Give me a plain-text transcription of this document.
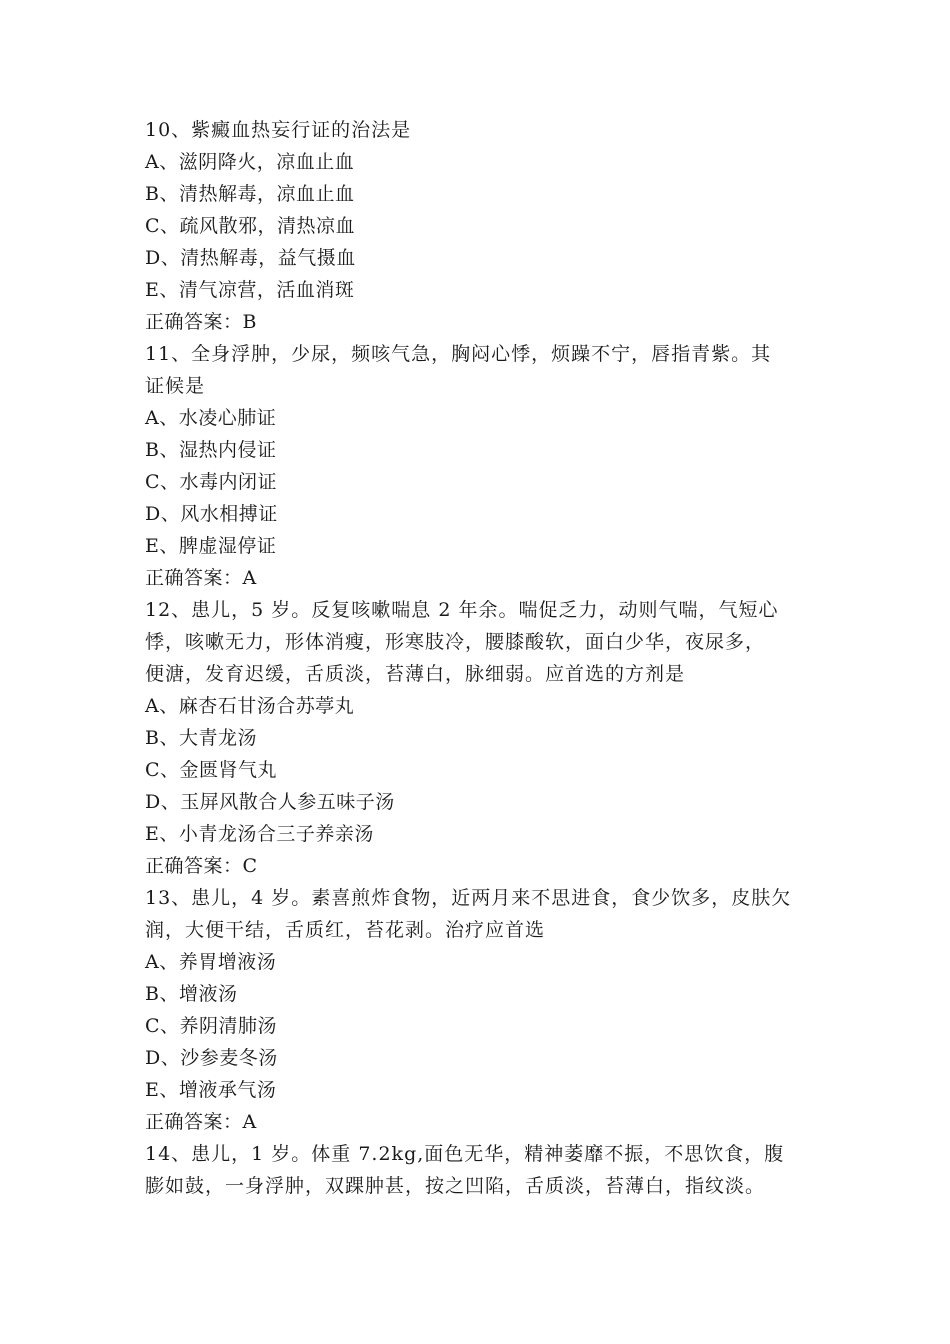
10、紫癜血热妄行证的治法是
A、滋阴降火，凉血止血
B、清热解毒，凉血止血
C、疏风散邪，清热凉血
D、清热解毒，益气摄血
E、清气凉营，活血消斑
正确答案：B
11、全身浮肿，少尿，频咳气急，胸闷心悸，烦躁不宁，唇指青紫。其
证候是
A、水凌心肺证
B、湿热内侵证
C、水毒内闭证
D、风水相搏证
E、脾虚湿停证
正确答案：A
12、患儿，5 岁。反复咳嗽喘息 2 年余。喘促乏力，动则气喘，气短心
悸，咳嗽无力，形体消瘦，形寒肢冷，腰膝酸软，面白少华，夜尿多，
便溏，发育迟缓，舌质淡，苔薄白，脉细弱。应首选的方剂是
A、麻杏石甘汤合苏葶丸
B、大青龙汤
C、金匮肾气丸
D、玉屏风散合人参五味子汤
E、小青龙汤合三子养亲汤
正确答案：C
13、患儿，4 岁。素喜煎炸食物，近两月来不思进食，食少饮多，皮肤欠
润，大便干结，舌质红，苔花剥。治疗应首选
A、养胃增液汤
B、增液汤
C、养阴清肺汤
D、沙参麦冬汤
E、增液承气汤
正确答案：A
14、患儿，1 岁。体重 7.2kg,面色无华，精神萎靡不振，不思饮食，腹
膨如鼓，一身浮肿，双踝肿甚，按之凹陷，舌质淡，苔薄白，指纹淡。
